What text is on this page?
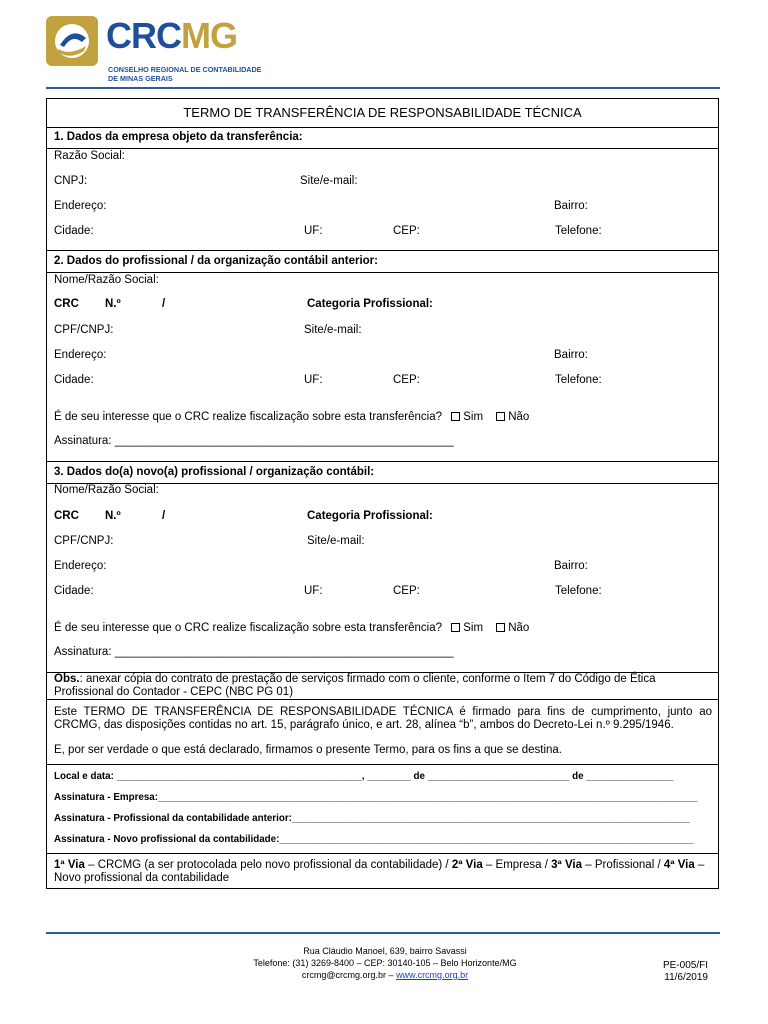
CRCMG
CONSELHO REGIONAL DE CONTABILIDADE
DE MINAS GERAIS
TERMO DE TRANSFERÊNCIA DE RESPONSABILIDADE TÉCNICA
1. Dados da empresa objeto da transferência:
Razão Social:
CNPJ:	Site/e-mail:
Endereço:	Bairro:
Cidade:	UF:	CEP:	Telefone:
2. Dados do profissional / da organização contábil anterior:
Nome/Razão Social:
CRC N.º	/	Categoria Profissional:
CPF/CNPJ:	Site/e-mail:
Endereço:	Bairro:
Cidade:	UF:	CEP:	Telefone:
É de seu interesse que o CRC realize fiscalização sobre esta transferência? Sim Não
Assinatura: _____________________________________________________
3. Dados do(a) novo(a) profissional / organização contábil:
Nome/Razão Social:
CRC N.º	/	Categoria Profissional:
CPF/CNPJ:	Site/e-mail:
Endereço:	Bairro:
Cidade:	UF:	CEP:	Telefone:
É de seu interesse que o CRC realize fiscalização sobre esta transferência? Sim Não
Assinatura: _____________________________________________________
Obs.: anexar cópia do contrato de prestação de serviços firmado com o cliente, conforme o Item 7 do Código de Ética Profissional do Contador - CEPC (NBC PG 01)
Este TERMO DE TRANSFERÊNCIA DE RESPONSABILIDADE TÉCNICA é firmado para fins de cumprimento, junto ao CRCMG, das disposições contidas no art. 15, parágrafo único, e art. 28, alínea “b”, ambos do Decreto-Lei n.º 9.295/1946.
E, por ser verdade o que está declarado, firmamos o presente Termo, para os fins a que se destina.
Local e data: _____________________________________________, ________ de __________________________ de ________________
Assinatura - Empresa:___________________________________________________________________________________________________
Assinatura - Profissional da contabilidade anterior:_________________________________________________________________________
Assinatura - Novo profissional da contabilidade:____________________________________________________________________________
1ª Via – CRCMG (a ser protocolada pelo novo profissional da contabilidade) / 2ª Via – Empresa / 3ª Via – Profissional / 4ª Via – Novo profissional da contabilidade
Rua Cláudio Manoel, 639, bairro Savassi
Telefone: (31) 3269-8400 – CEP: 30140-105 – Belo Horizonte/MG
crcmg@crcmg.org.br – www.crcmg.org.br
PE-005/FI
11/6/2019
